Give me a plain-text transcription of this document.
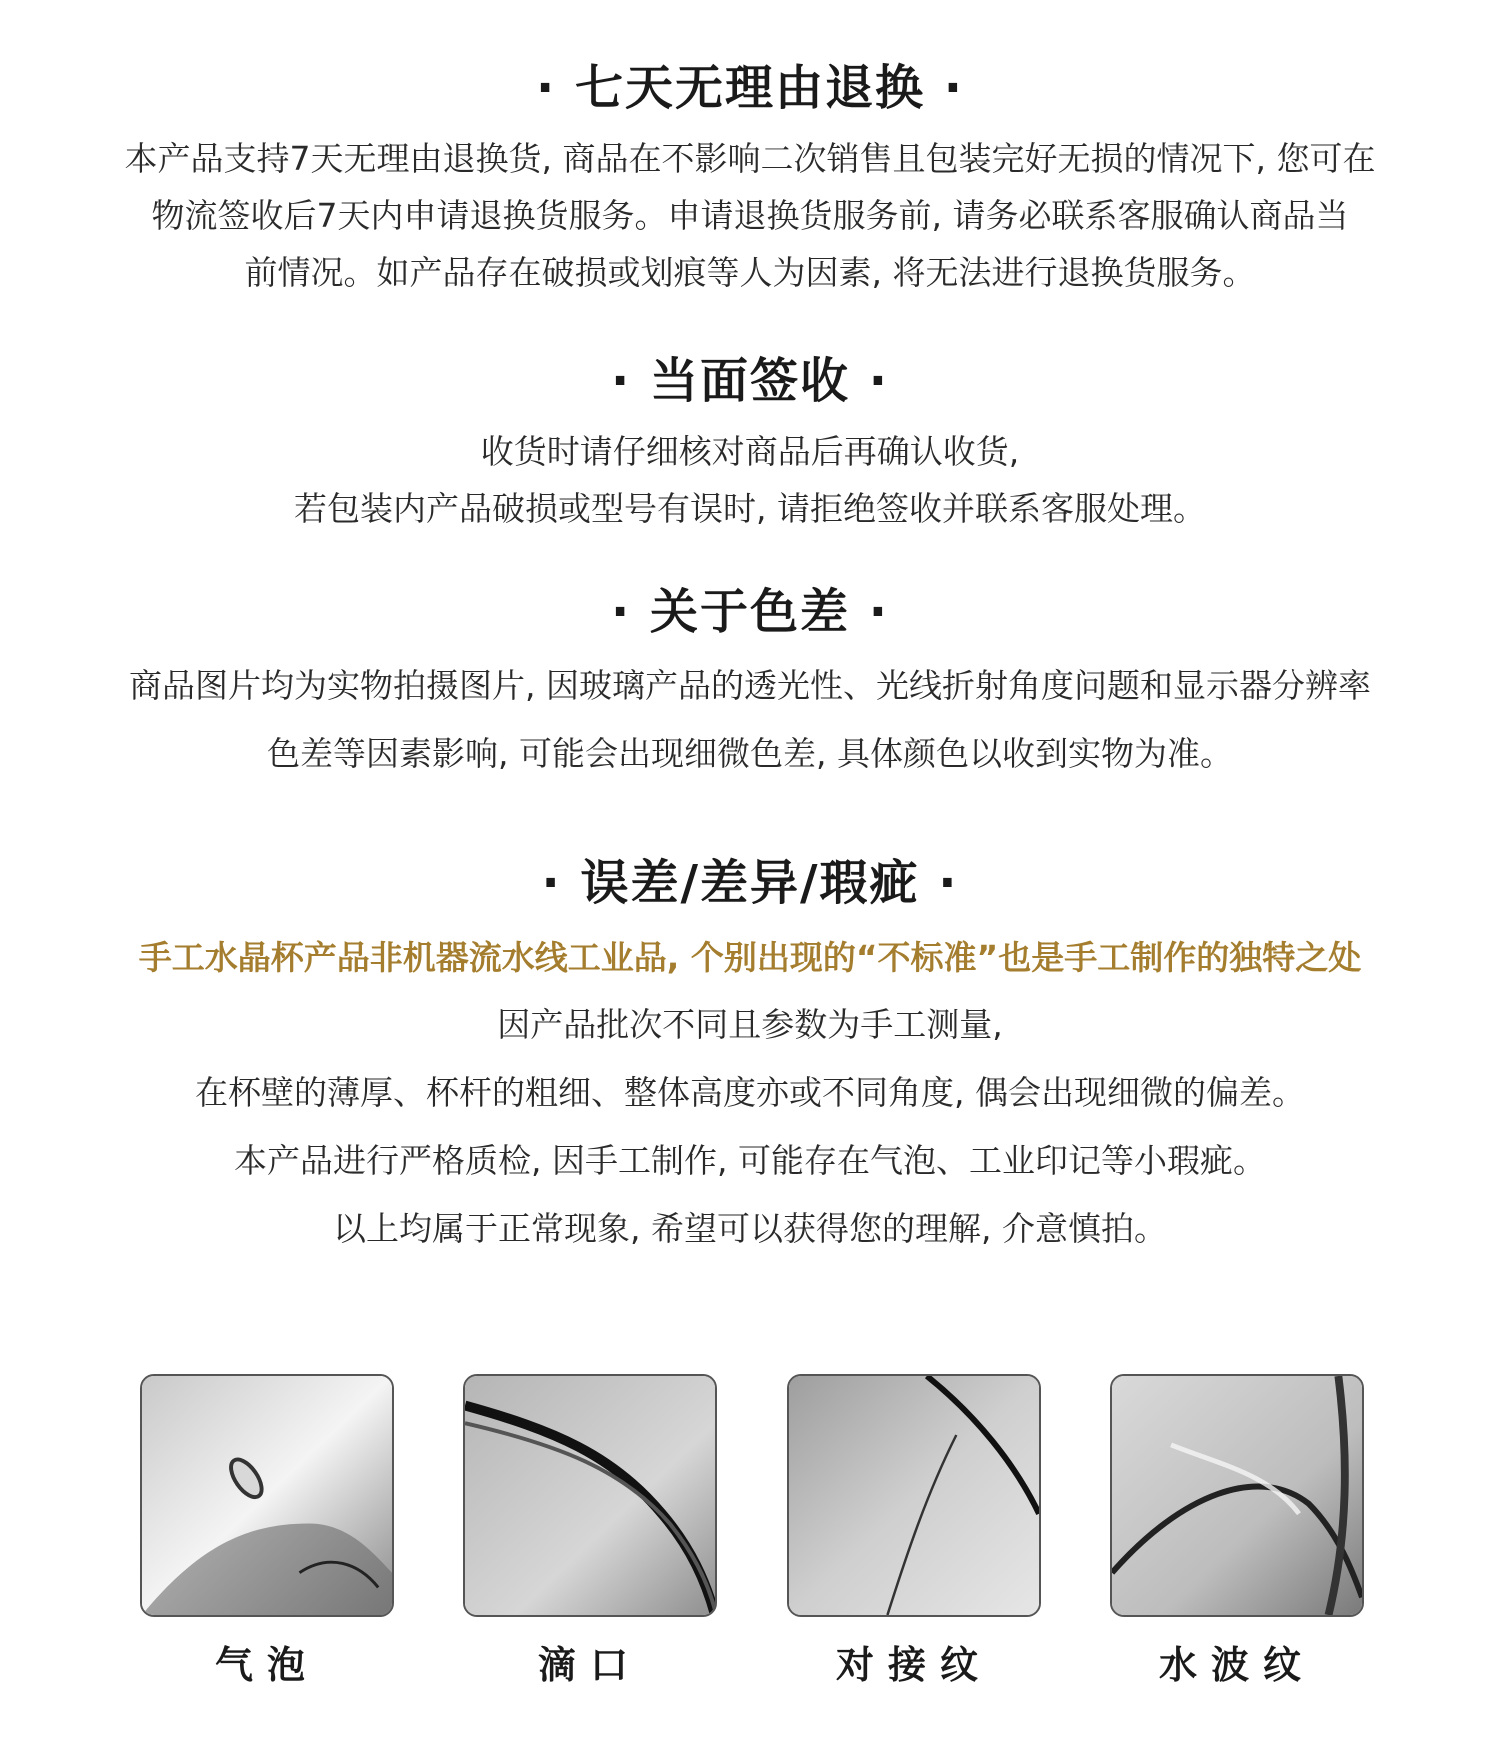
· 七天无理由退换 ·

本产品支持7天无理由退换货, 商品在不影响二次销售且包装完好无损的情况下, 您可在

物流签收后7天内申请退换货服务。申请退换货服务前, 请务必联系客服确认商品当

前情况。如产品存在破损或划痕等人为因素, 将无法进行退换货服务。

· 当面签收 ·

收货时请仔细核对商品后再确认收货,

若包装内产品破损或型号有误时, 请拒绝签收并联系客服处理。

· 关于色差 ·

商品图片均为实物拍摄图片, 因玻璃产品的透光性、光线折射角度问题和显示器分辨率

色差等因素影响, 可能会出现细微色差, 具体颜色以收到实物为准。

· 误差/差异/瑕疵 ·

手工水晶杯产品非机器流水线工业品, 个别出现的“不标准”也是手工制作的独特之处

因产品批次不同且参数为手工测量,

在杯壁的薄厚、杯杆的粗细、整体高度亦或不同角度, 偶会出现细微的偏差。

本产品进行严格质检, 因手工制作, 可能存在气泡、工业印记等小瑕疵。

以上均属于正常现象, 希望可以获得您的理解, 介意慎拍。

气泡	滴口	对接纹	水波纹
